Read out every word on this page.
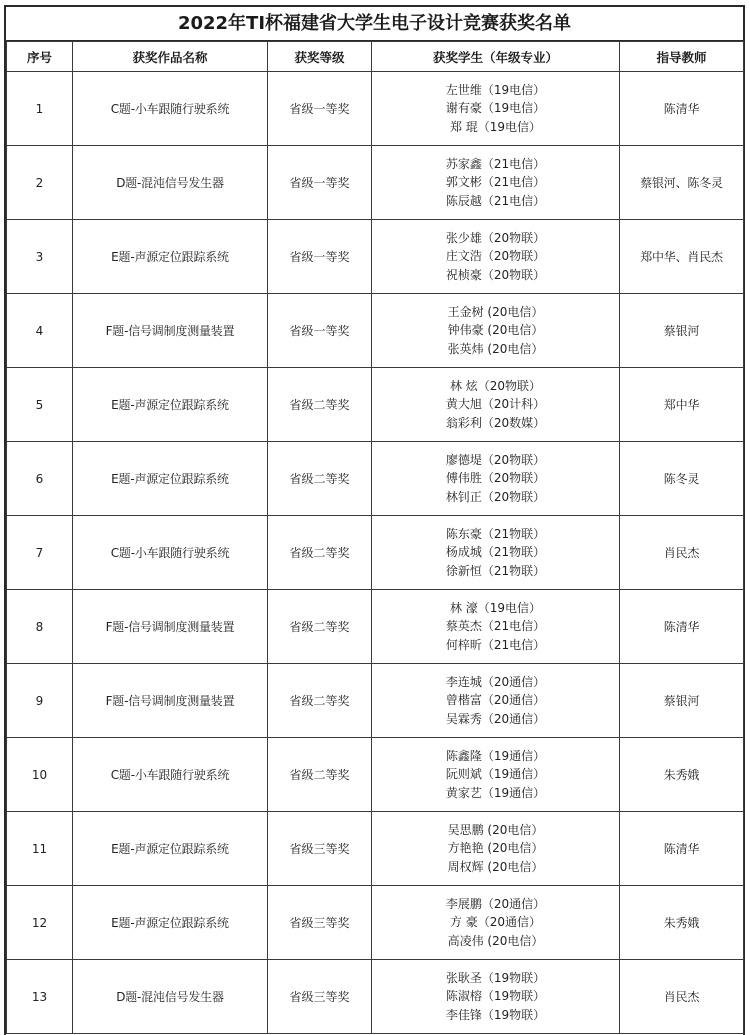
2022年TI杯福建省大学生电子设计竞赛获奖名单
序号	获奖作品名称	获奖等级	获奖学生（年级专业）	指导教师
1	C题-小车跟随行驶系统	省级一等奖	左世维（19电信）
谢有豪（19电信）
郑 琨（19电信）	陈清华
2	D题-混沌信号发生器	省级一等奖	苏家鑫（21电信）
郭文彬（21电信）
陈辰越（21电信）	蔡银河、陈冬灵
3	E题-声源定位跟踪系统	省级一等奖	张少雄（20物联）
庄文浩（20物联）
祝桢豪（20物联）	郑中华、肖民杰
4	F题-信号调制度测量装置	省级一等奖	王金树 (20电信）
钟伟豪 (20电信）
张英炜 (20电信）	蔡银河
5	E题-声源定位跟踪系统	省级二等奖	林 炫（20物联）
黄大旭（20计科）
翁彩利（20数媒）	郑中华
6	E题-声源定位跟踪系统	省级二等奖	廖德堤（20物联）
傅伟胜（20物联）
林钊正（20物联）	陈冬灵
7	C题-小车跟随行驶系统	省级二等奖	陈东豪（21物联）
杨成城（21物联）
徐新恒（21物联）	肖民杰
8	F题-信号调制度测量装置	省级二等奖	林 濠（19电信）
蔡英杰（21电信）
何梓昕（21电信）	陈清华
9	F题-信号调制度测量装置	省级二等奖	李连城（20通信）
曾楷富（20通信）
吴霖秀（20通信）	蔡银河
10	C题-小车跟随行驶系统	省级二等奖	陈鑫隆（19通信）
阮则斌（19通信）
黄家艺（19通信）	朱秀娥
11	E题-声源定位跟踪系统	省级三等奖	吴思鹏 (20电信）
方艳艳 (20电信）
周权辉 (20电信）	陈清华
12	E题-声源定位跟踪系统	省级三等奖	李展鹏（20通信）
方 豪（20通信）
高凌伟 (20电信）	朱秀娥
13	D题-混沌信号发生器	省级三等奖	张耿圣（19物联）
陈淑榕（19物联）
李佳锋（19物联）	肖民杰
